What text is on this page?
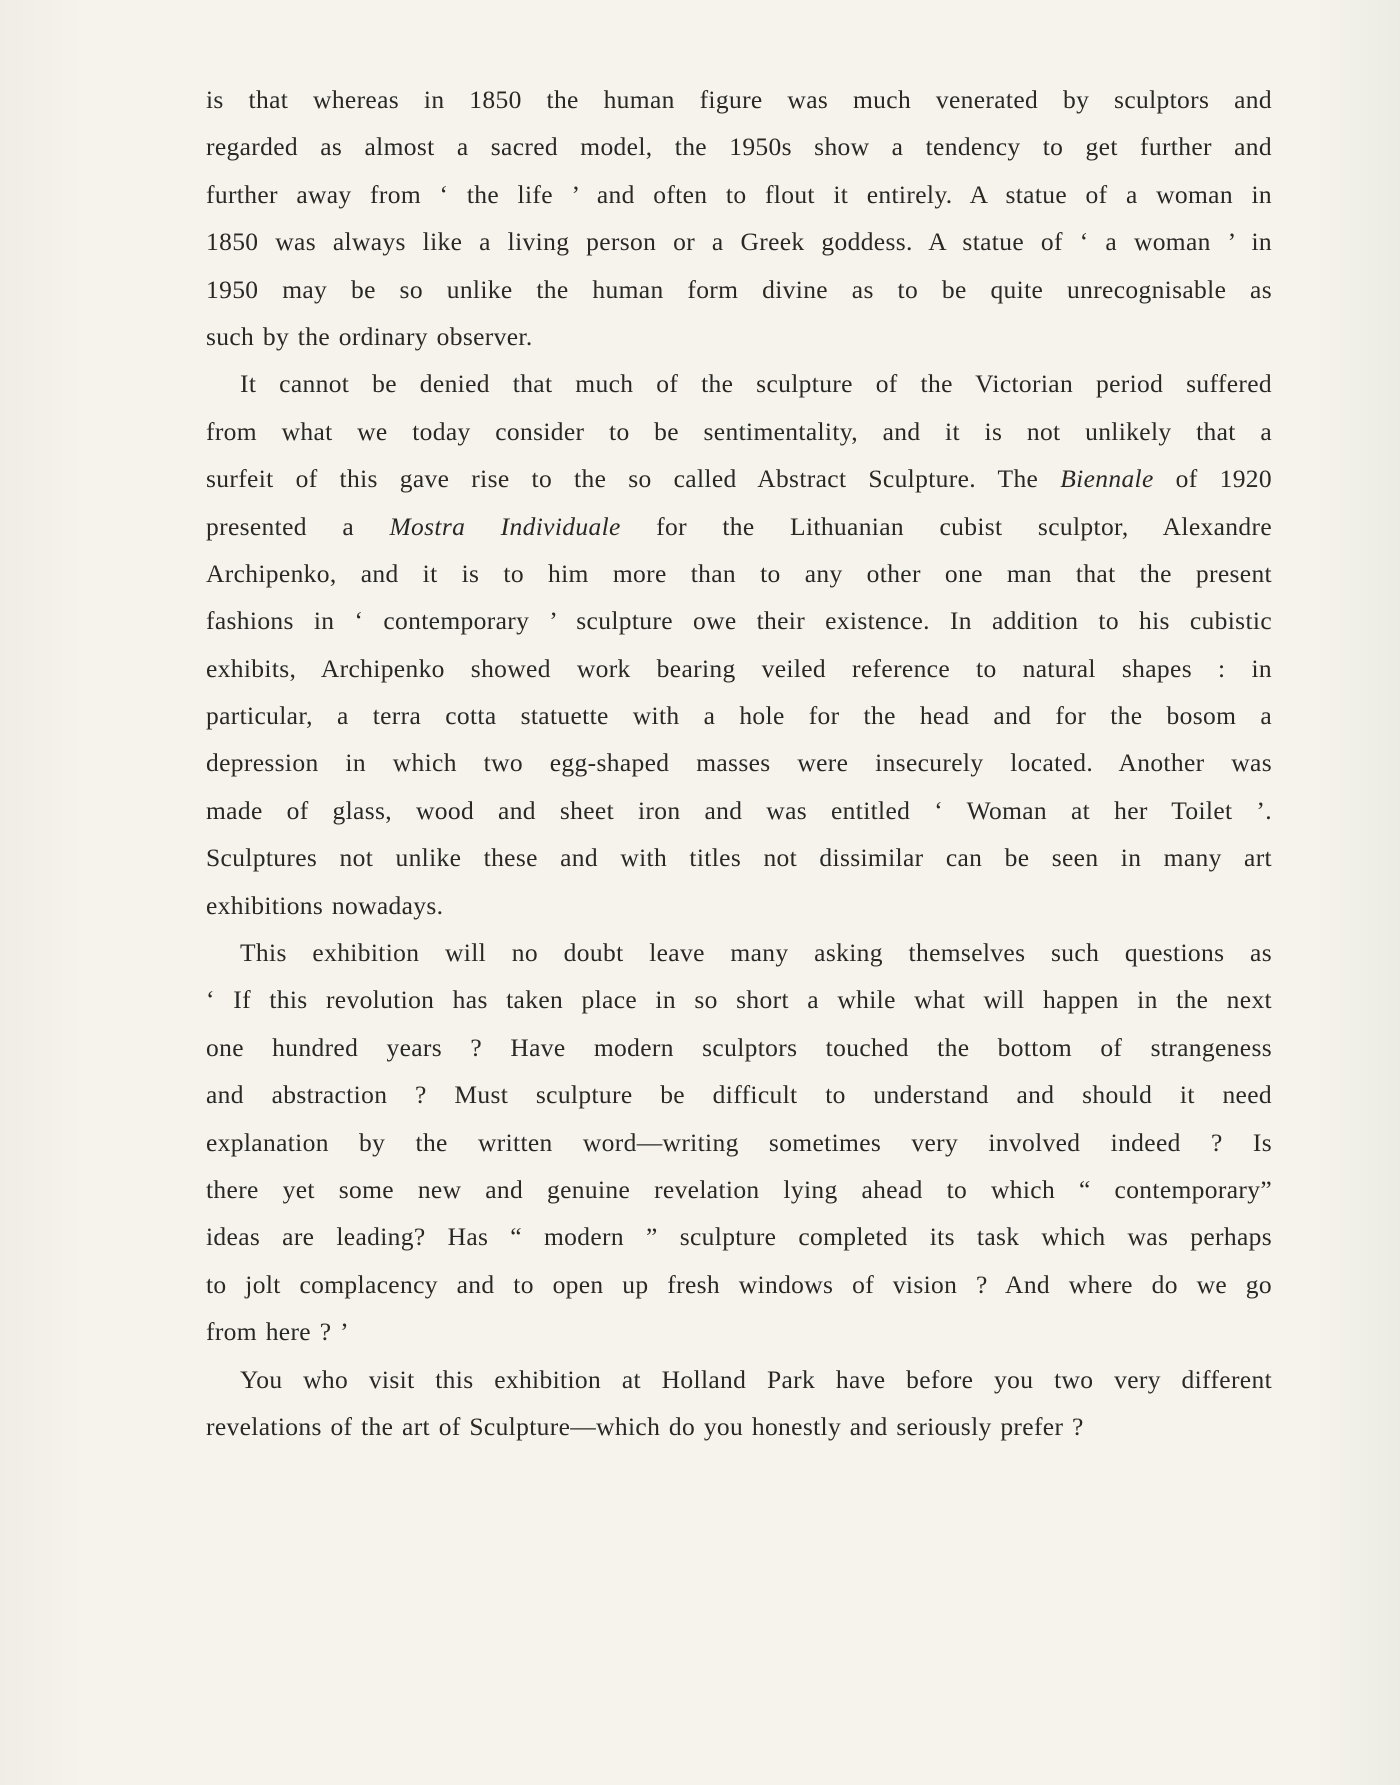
is that whereas in 1850 the human figure was much venerated by sculptors and
regarded as almost a sacred model, the 1950s show a tendency to get further and
further away from ‘ the life ’ and often to flout it entirely. A statue of a woman in
1850 was always like a living person or a Greek goddess. A statue of ‘ a woman ’ in
1950 may be so unlike the human form divine as to be quite unrecognisable as
such by the ordinary observer.
It cannot be denied that much of the sculpture of the Victorian period suffered
from what we today consider to be sentimentality, and it is not unlikely that a
surfeit of this gave rise to the so called Abstract Sculpture. The Biennale of 1920
presented a Mostra Individuale for the Lithuanian cubist sculptor, Alexandre
Archipenko, and it is to him more than to any other one man that the present
fashions in ‘ contemporary ’ sculpture owe their existence. In addition to his cubistic
exhibits, Archipenko showed work bearing veiled reference to natural shapes : in
particular, a terra cotta statuette with a hole for the head and for the bosom a
depression in which two egg-shaped masses were insecurely located. Another was
made of glass, wood and sheet iron and was entitled ‘ Woman at her Toilet ’.
Sculptures not unlike these and with titles not dissimilar can be seen in many art
exhibitions nowadays.
This exhibition will no doubt leave many asking themselves such questions as
‘ If this revolution has taken place in so short a while what will happen in the next
one hundred years ? Have modern sculptors touched the bottom of strangeness
and abstraction ? Must sculpture be difficult to understand and should it need
explanation by the written word—writing sometimes very involved indeed ? Is
there yet some new and genuine revelation lying ahead to which “ contemporary”
ideas are leading? Has “ modern ” sculpture completed its task which was perhaps
to jolt complacency and to open up fresh windows of vision ? And where do we go
from here ? ’
You who visit this exhibition at Holland Park have before you two very different
revelations of the art of Sculpture—which do you honestly and seriously prefer ?
